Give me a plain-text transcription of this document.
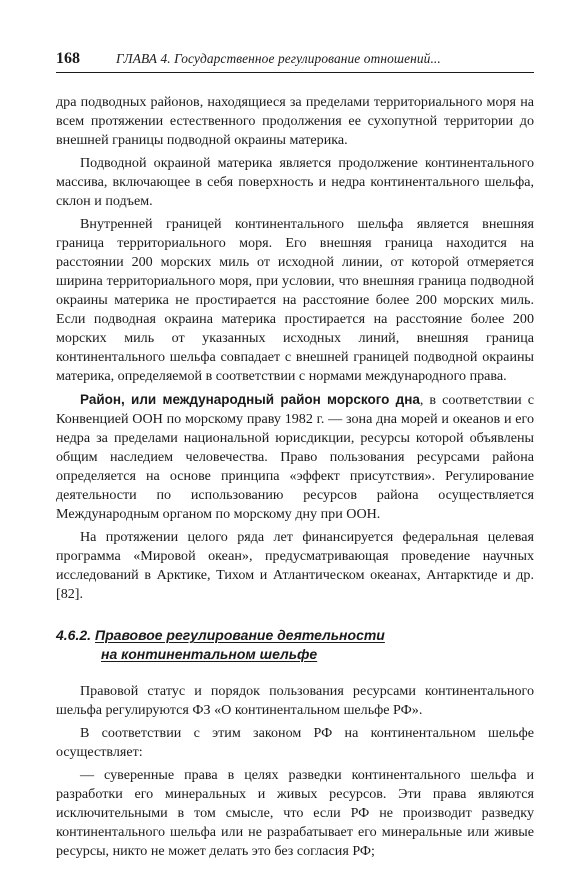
168	ГЛАВА 4. Государственное регулирование отношений...

дра подводных районов, находящиеся за пределами территориального моря на всем протяжении естественного продолжения ее сухопутной территории до внешней границы подводной окраины материка.

Подводной окраиной материка является продолжение континентального массива, включающее в себя поверхность и недра континентального шельфа, склон и подъем.

Внутренней границей континентального шельфа является внешняя граница территориального моря. Его внешняя граница находится на расстоянии 200 морских миль от исходной линии, от которой отмеряется ширина территориального моря, при условии, что внешняя граница подводной окраины материка не простирается на расстояние более 200 морских миль. Если подводная окраина материка простирается на расстояние более 200 морских миль от указанных исходных линий, внешняя граница континентального шельфа совпадает с внешней границей подводной окраины материка, определяемой в соответствии с нормами международного права.

Район, или международный район морского дна, в соответствии с Конвенцией ООН по морскому праву 1982 г. — зона дна морей и океанов и его недра за пределами национальной юрисдикции, ресурсы которой объявлены общим наследием человечества. Право пользования ресурсами района определяется на основе принципа «эффект присутствия». Регулирование деятельности по использованию ресурсов района осуществляется Международным органом по морскому дну при ООН.

На протяжении целого ряда лет финансируется федеральная целевая программа «Мировой океан», предусматривающая проведение научных исследований в Арктике, Тихом и Атлантическом океанах, Антарктиде и др. [82].

4.6.2. Правовое регулирование деятельности
на континентальном шельфе

Правовой статус и порядок пользования ресурсами континентального шельфа регулируются ФЗ «О континентальном шельфе РФ».

В соответствии с этим законом РФ на континентальном шельфе осуществляет:

— суверенные права в целях разведки континентального шельфа и разработки его минеральных и живых ресурсов. Эти права являются исключительными в том смысле, что если РФ не производит разведку континентального шельфа или не разрабатывает его минеральные или живые ресурсы, никто не может делать это без согласия РФ;
